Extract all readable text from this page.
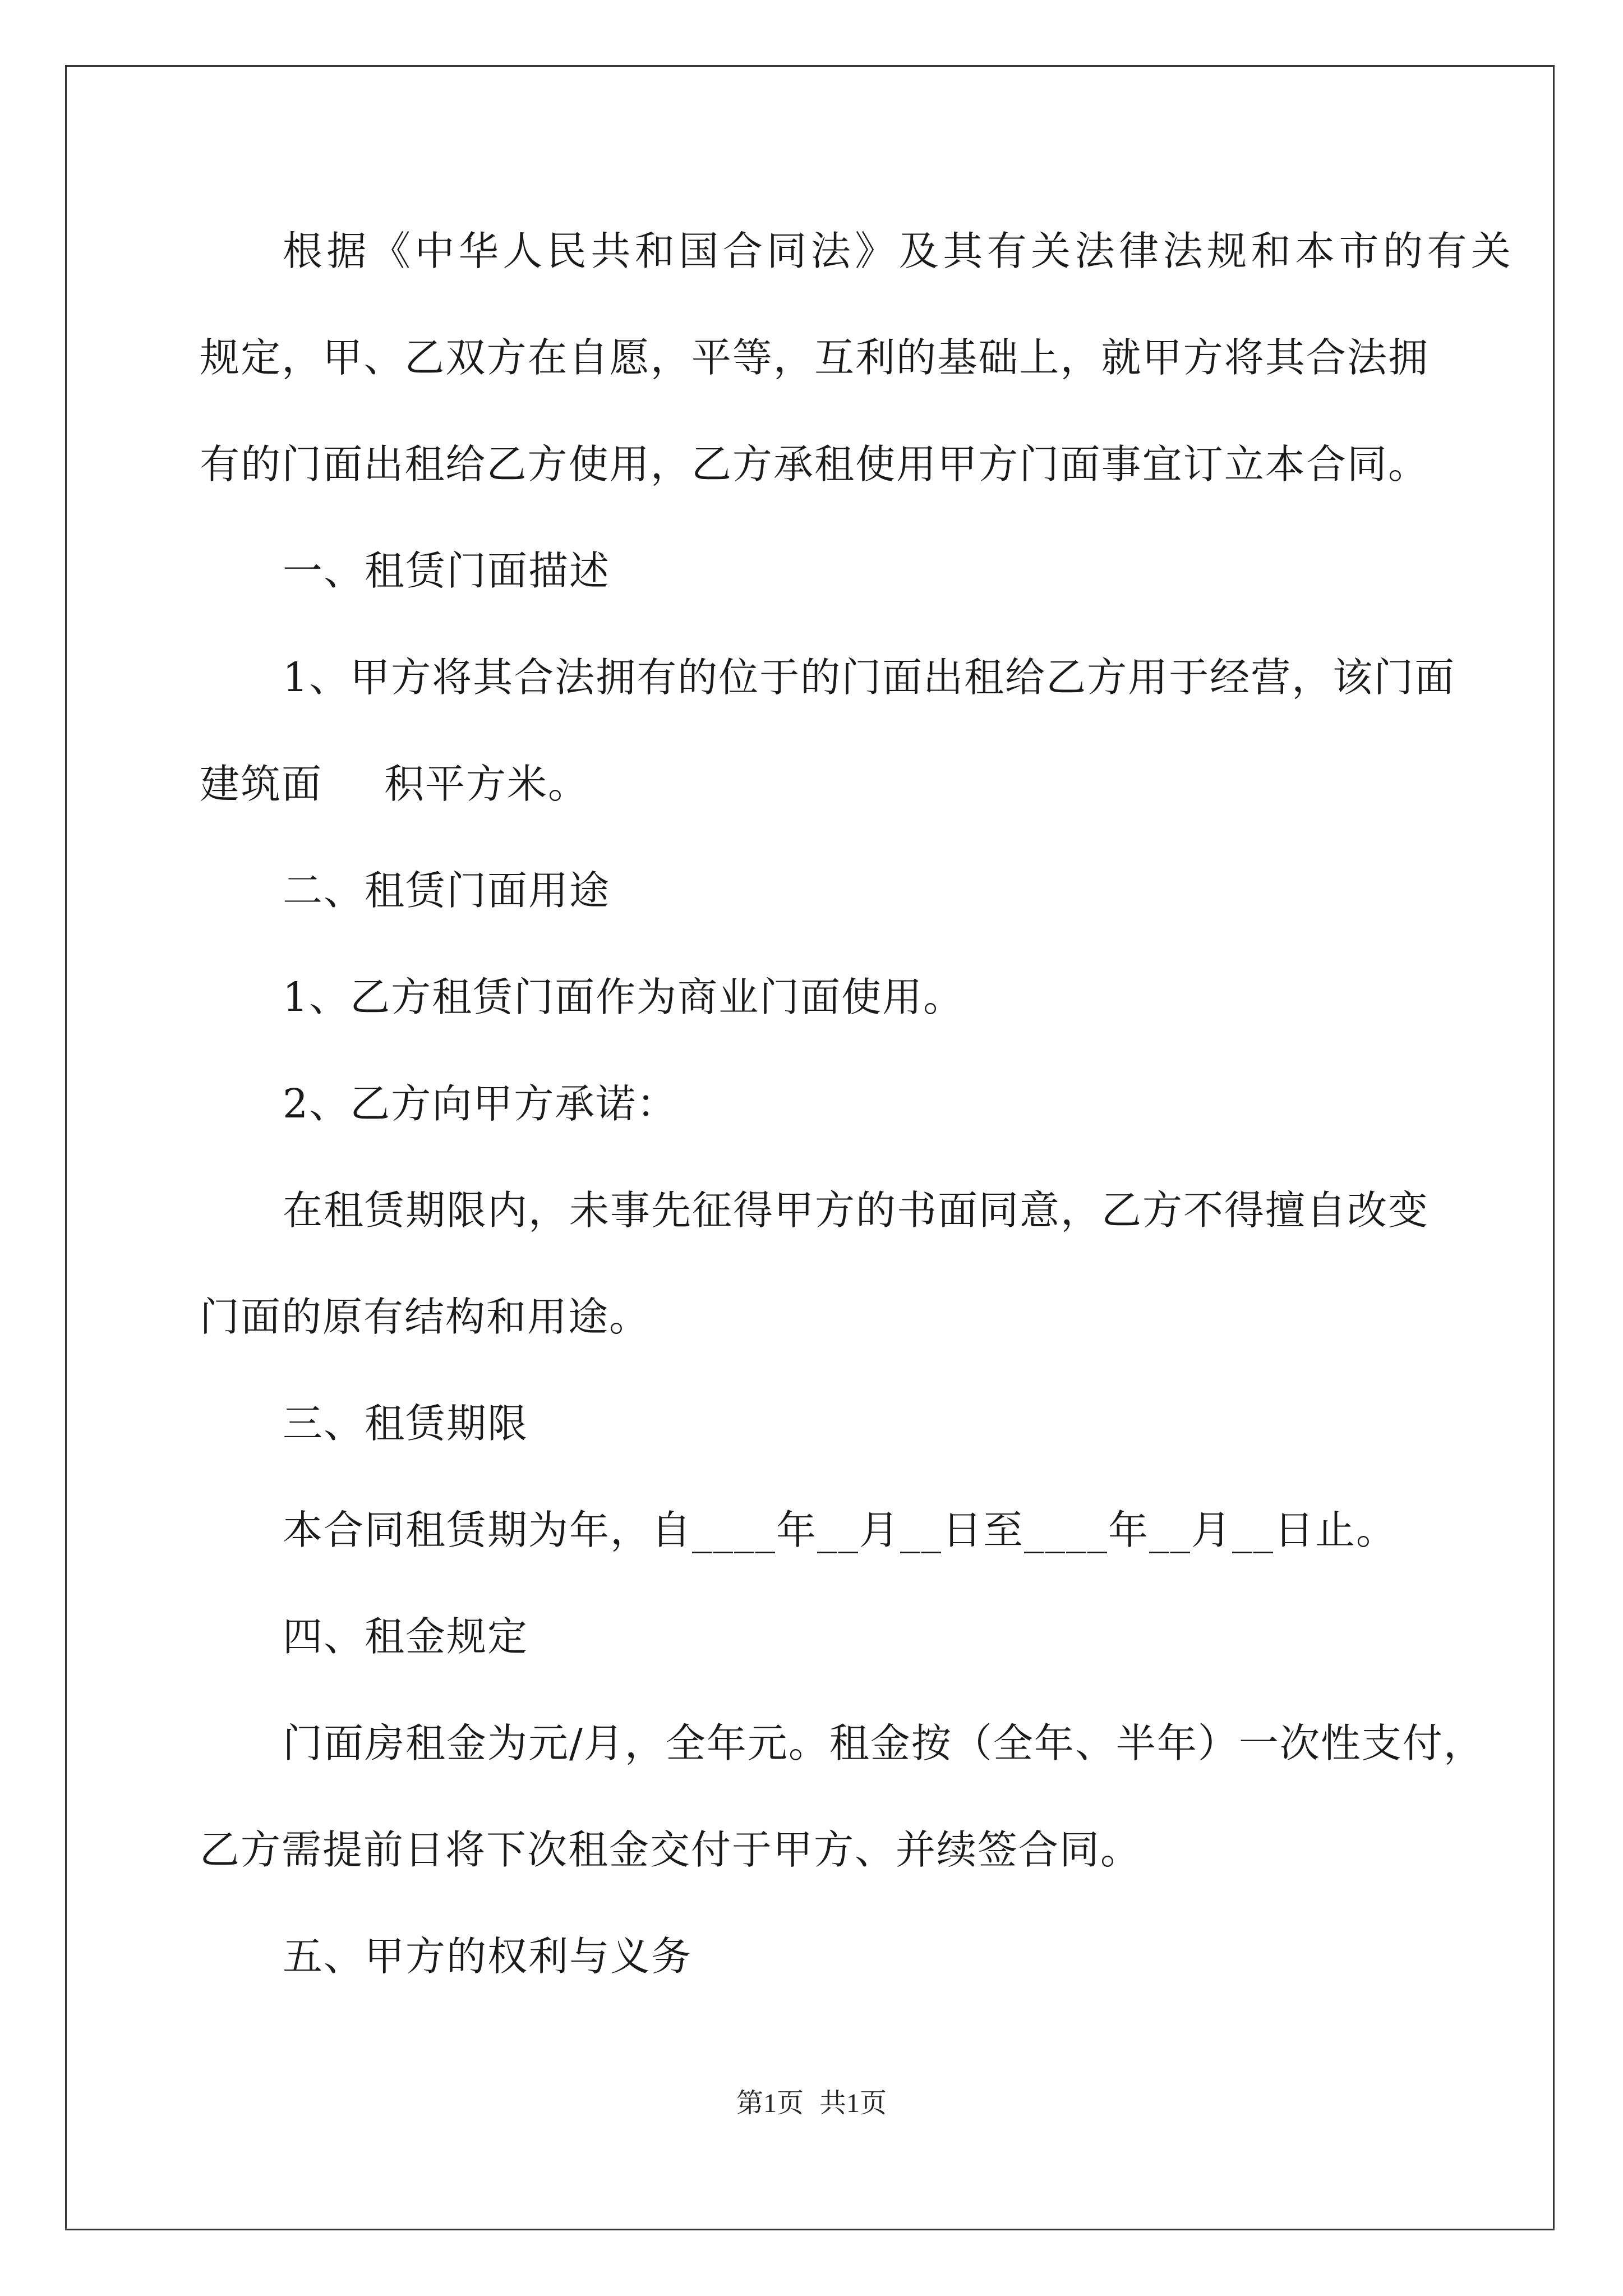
根据《中华人民共和国合同法》及其有关法律法规和本市的有关
规定，甲、乙双方在自愿，平等，互利的基础上，就甲方将其合法拥
有的门面出租给乙方使用，乙方承租使用甲方门面事宜订立本合同。
一、租赁门面描述
1、甲方将其合法拥有的位于的门面出租给乙方用于经营，该门面
建筑面 积平方米。
二、租赁门面用途
1、乙方租赁门面作为商业门面使用。
2、乙方向甲方承诺：
在租赁期限内，未事先征得甲方的书面同意，乙方不得擅自改变
门面的原有结构和用途。
三、租赁期限
本合同租赁期为年，自____年__月__日至____年__月__日止。
四、租金规定
门面房租金为元/月，全年元。租金按（全年、半年）一次性支付，
乙方需提前日将下次租金交付于甲方、并续签合同。
五、甲方的权利与义务
第1页 共1页
